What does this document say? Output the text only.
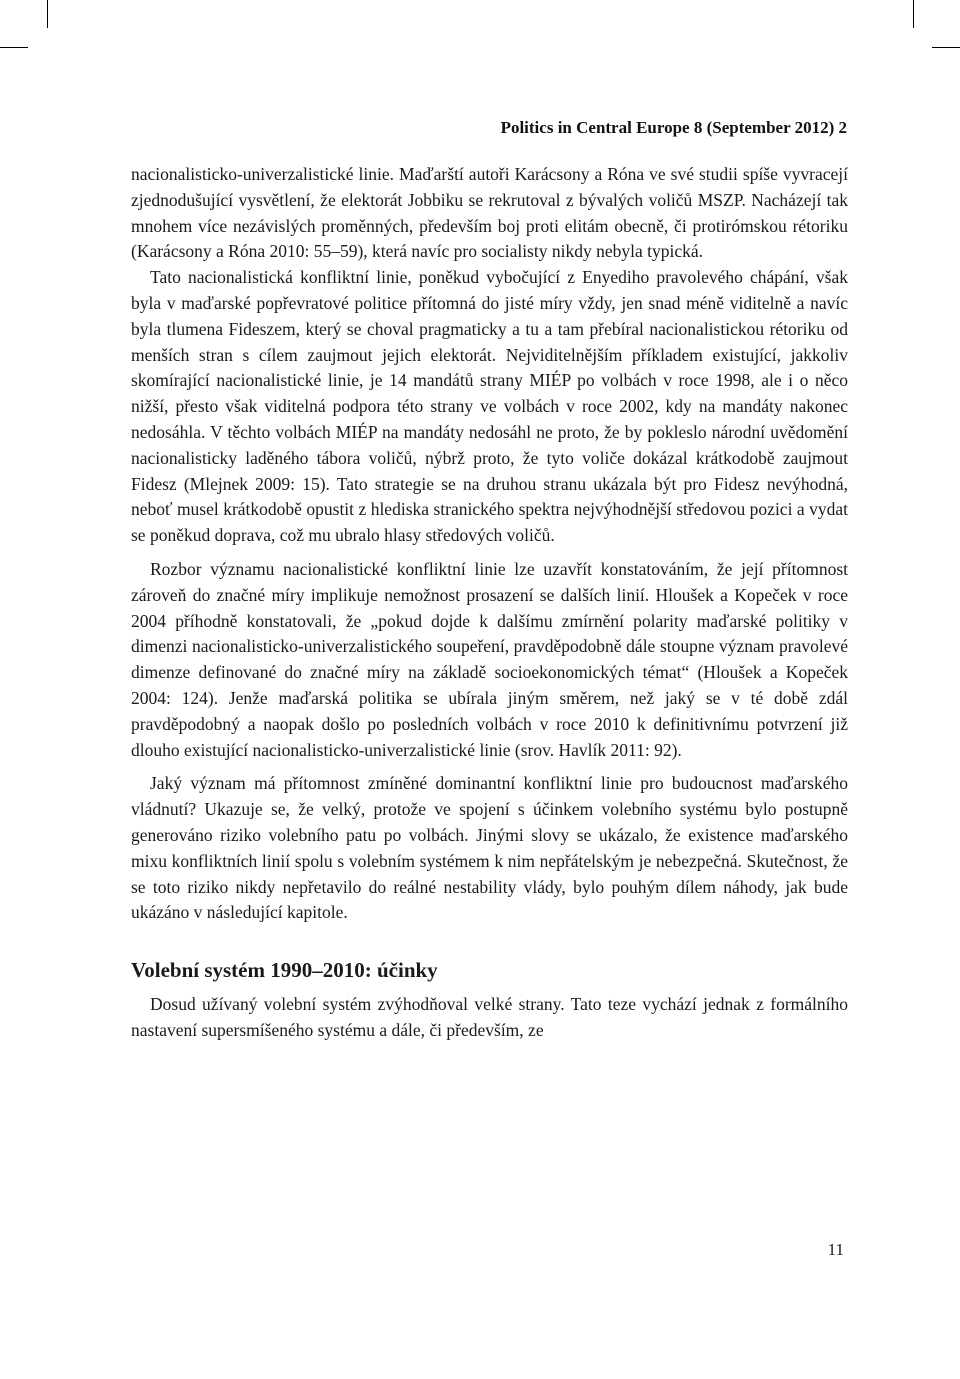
Politics in Central Europe 8 (September 2012) 2

nacionalisticko-univerzalistické linie. Maďarští autoři Karácsony a Róna ve své studii spíše vyvracejí zjednodušující vysvětlení, že elektorát Jobbiku se rekrutoval z bývalých voličů MSZP. Nacházejí tak mnohem více nezávislých proměnných, především boj proti elitám obecně, či protirómskou rétoriku (Karácsony a Róna 2010: 55–59), která navíc pro socialisty nikdy nebyla typická.

Tato nacionalistická konfliktní linie, poněkud vybočující z Enyediho pravolevého chápání, však byla v maďarské popřevratové politice přítomná do jisté míry vždy, jen snad méně viditelně a navíc byla tlumena Fideszem, který se choval pragmaticky a tu a tam přebíral nacionalistickou rétoriku od menších stran s cílem zaujmout jejich elektorát. Nejviditelnějším příkladem existující, jakkoliv skomírající nacionalistické linie, je 14 mandátů strany MIÉP po volbách v roce 1998, ale i o něco nižší, přesto však viditelná podpora této strany ve volbách v roce 2002, kdy na mandáty nakonec nedosáhla. V těchto volbách MIÉP na mandáty nedosáhl ne proto, že by pokleslo národní uvědomění nacionalisticky laděného tábora voličů, nýbrž proto, že tyto voliče dokázal krátkodobě zaujmout Fidesz (Mlejnek 2009: 15). Tato strategie se na druhou stranu ukázala být pro Fidesz nevýhodná, neboť musel krátkodobě opustit z hlediska stranického spektra nejvýhodnější středovou pozici a vydat se poněkud doprava, což mu ubralo hlasy středových voličů.

Rozbor významu nacionalistické konfliktní linie lze uzavřít konstatováním, že její přítomnost zároveň do značné míry implikuje nemožnost prosazení se dalších linií. Hloušek a Kopeček v roce 2004 příhodně konstatovali, že „pokud dojde k dalšímu zmírnění polarity maďarské politiky v dimenzi nacionalisticko-univerzalistického soupeření, pravděpodobně dále stoupne význam pravolevé dimenze definované do značné míry na základě socioekonomických témat“ (Hloušek a Kopeček 2004: 124). Jenže maďarská politika se ubírala jiným směrem, než jaký se v té době zdál pravděpodobný a naopak došlo po posledních volbách v roce 2010 k definitivnímu potvrzení již dlouho existující nacionalisticko-univerzalistické linie (srov. Havlík 2011: 92).

Jaký význam má přítomnost zmíněné dominantní konfliktní linie pro budoucnost maďarského vládnutí? Ukazuje se, že velký, protože ve spojení s účinkem volebního systému bylo postupně generováno riziko volebního patu po volbách. Jinými slovy se ukázalo, že existence maďarského mixu konfliktních linií spolu s volebním systémem k nim nepřátelským je nebezpečná. Skutečnost, že se toto riziko nikdy nepřetavilo do reálné nestability vlády, bylo pouhým dílem náhody, jak bude ukázáno v následující kapitole.

Volební systém 1990–2010: účinky

Dosud užívaný volební systém zvýhodňoval velké strany. Tato teze vychází jednak z formálního nastavení supersmíšeného systému a dále, či především, ze

11
